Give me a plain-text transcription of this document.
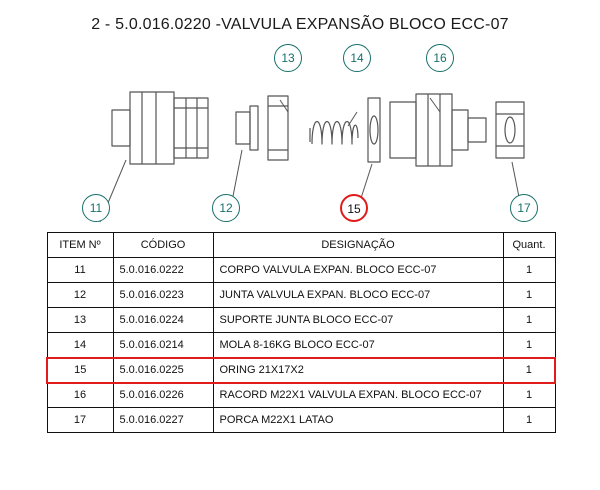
2 - 5.0.016.0220 -VALVULA EXPANSÃO BLOCO ECC-07
11	12
13	14
15
16
17
ITEM Nº	CÓDIGO	DESIGNAÇÃO	Quant.
11	5.0.016.0222	CORPO VALVULA EXPAN. BLOCO ECC-07	1
12	5.0.016.0223	JUNTA VALVULA EXPAN. BLOCO ECC-07	1
13	5.0.016.0224	SUPORTE JUNTA BLOCO ECC-07	1
14	5.0.016.0214	MOLA 8-16KG BLOCO ECC-07	1
15	5.0.016.0225	ORING 21X17X2	1
16	5.0.016.0226	RACORD M22X1 VALVULA EXPAN. BLOCO ECC-07	1
17	5.0.016.0227	PORCA M22X1 LATAO	1
